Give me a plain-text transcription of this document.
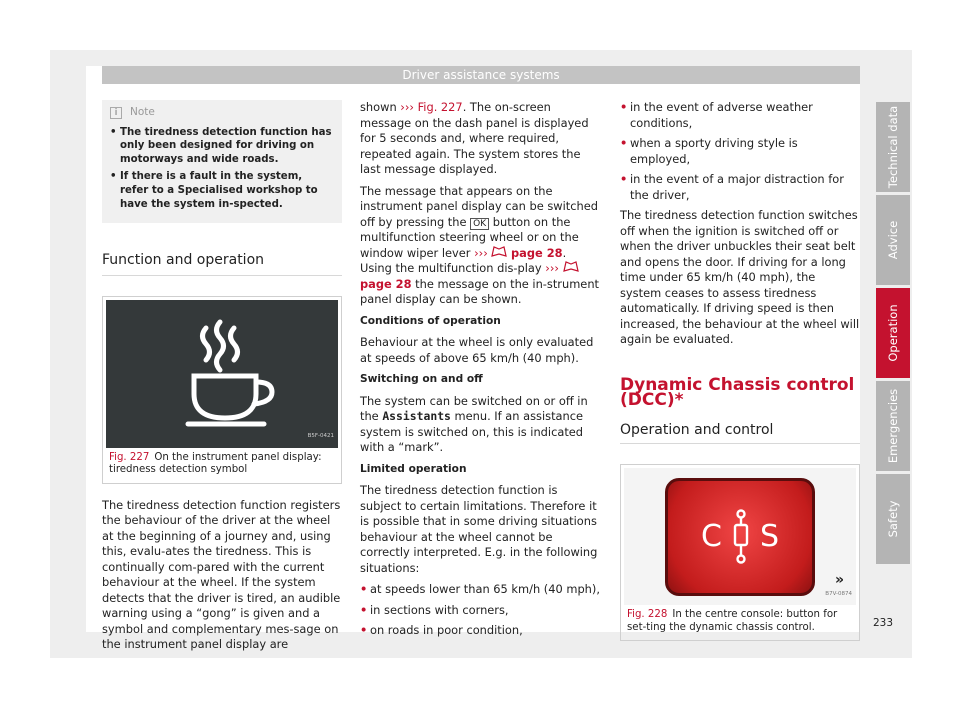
Driver assistance systems
i	Note
• The tiredness detection function has only been designed for driving on motorways and wide roads.
• If there is a fault in the system, refer to a Specialised workshop to have the system in-spected.
Function and operation
B5F-0421
Fig. 227 On the instrument panel display: tiredness detection symbol

The tiredness detection function registers the behaviour of the driver at the wheel at the beginning of a journey and, using this, evalu-ates the tiredness. This is continually com-pared with the current behaviour at the wheel. If the system detects that the driver is tired, an audible warning using a “gong” is given and a symbol and complementary mes-sage on the instrument panel display are

shown ››› Fig. 227. The on-screen message on the dash panel is displayed for 5 seconds and, where required, repeated again. The system stores the last message displayed.

The message that appears on the instrument panel display can be switched off by pressing the OK button on the multifunction steering wheel or on the window wiper lever ››› page 28. Using the multifunction dis-play ›››  page 28 the message on the in-strument panel display can be shown.

Conditions of operation

Behaviour at the wheel is only evaluated at speeds of above 65 km/h (40 mph).

Switching on and off

The system can be switched on or off in the Assistants menu. If an assistance system is switched on, this is indicated with a “mark”.

Limited operation

The tiredness detection function is subject to certain limitations. Therefore it is possible that in some driving situations behaviour at the wheel cannot be correctly interpreted. E.g. in the following situations:

• at speeds lower than 65 km/h (40 mph),
• in sections with corners,
• on roads in poor condition,
• in the event of adverse weather conditions,
• when a sporty driving style is employed,
• in the event of a major distraction for the driver,

The tiredness detection function switches off when the ignition is switched off or when the driver unbuckles their seat belt and opens the door. If driving for a long time under 65 km/h (40 mph), the system ceases to assess tiredness automatically. If driving speed is then increased, the behaviour at the wheel will again be evaluated.

Dynamic Chassis control (DCC)*
Operation and control
C S
B7V-0874
Fig. 228 In the centre console: button for set-ting the dynamic chassis control.
»
233
Technical data
Advice
Operation
Emergencies
Safety
